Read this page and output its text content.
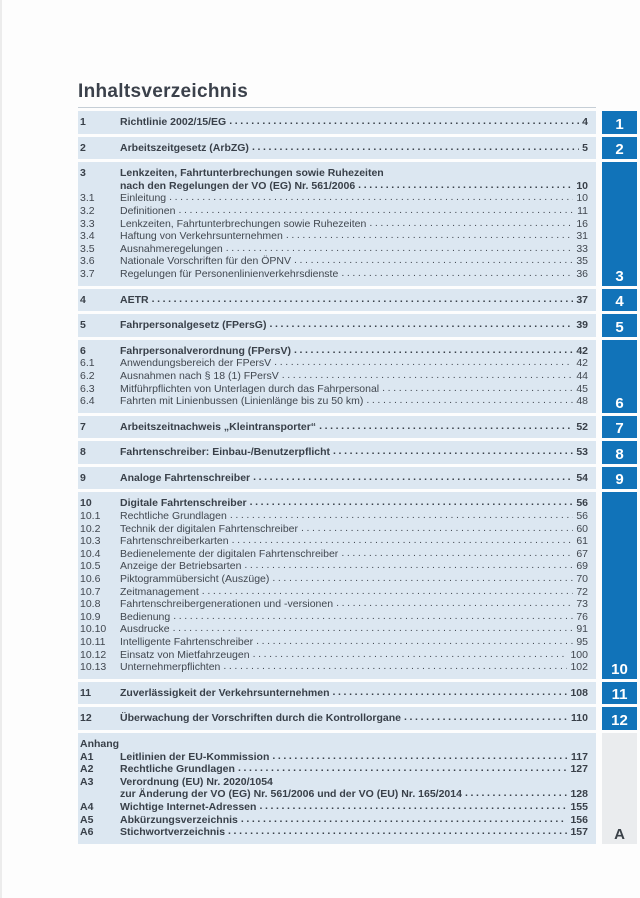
Inhaltsverzeichnis
1	Richtlinie 2002/15/EG .....	4 1
2	Arbeitszeitgesetz (ArbZG) .....	5 2
3	Lenkzeiten, Fahrtunterbrechungen sowie Ruhezeiten
nach den Regelungen der VO (EG) Nr. 561/2006 .....	10
3.1	Einleitung .....	10
3.2	Definitionen .....	11
3.3	Lenkzeiten, Fahrtunterbrechungen sowie Ruhezeiten .....	16
3.4	Haftung von Verkehrsunternehmen .....	31
3.5	Ausnahmeregelungen .....	33
3.6	Nationale Vorschriften für den ÖPNV .....	35
3.7	Regelungen für Personenlinienverkehrsdienste .....	36 3
4	AETR .....	37 4
5	Fahrpersonalgesetz (FPersG) .....	39 5
6	Fahrpersonalverordnung (FPersV) .....	42
6.1	Anwendungsbereich der FPersV .....	42
6.2	Ausnahmen nach § 18 (1) FPersV .....	44
6.3	Mitführpflichten von Unterlagen durch das Fahrpersonal .....	45
6.4	Fahrten mit Linienbussen (Linienlänge bis zu 50 km) .....	48 6
7	Arbeitszeitnachweis „Kleintransporter“ .....	52 7
8	Fahrtenschreiber: Einbau-/Benutzerpflicht .....	53 8
9	Analoge Fahrtenschreiber .....	54 9
10	Digitale Fahrtenschreiber .....	56
10.1	Rechtliche Grundlagen .....	56
10.2	Technik der digitalen Fahrtenschreiber .....	60
10.3	Fahrtenschreiberkarten .....	61
10.4	Bedienelemente der digitalen Fahrtenschreiber .....	67
10.5	Anzeige der Betriebsarten .....	69
10.6	Piktogrammübersicht (Auszüge) .....	70
10.7	Zeitmanagement .....	72
10.8	Fahrtenschreibergenerationen und -versionen .....	73
10.9	Bedienung .....	76
10.10	Ausdrucke .....	91
10.11	Intelligente Fahrtenschreiber .....	95
10.12	Einsatz von Mietfahrzeugen .....	100
10.13	Unternehmerpflichten .....	102 10
11	Zuverlässigkeit der Verkehrsunternehmen .....	108 11
12	Überwachung der Vorschriften durch die Kontrollorgane .....	110 12
Anhang
A1	Leitlinien der EU-Kommission .....	117
A2	Rechtliche Grundlagen .....	127
A3	Verordnung (EU) Nr. 2020/1054
zur Änderung der VO (EG) Nr. 561/2006 und der VO (EU) Nr. 165/2014 .....	128
A4	Wichtige Internet-Adressen .....	155
A5	Abkürzungsverzeichnis .....	156
A6	Stichwortverzeichnis .....	157 A
